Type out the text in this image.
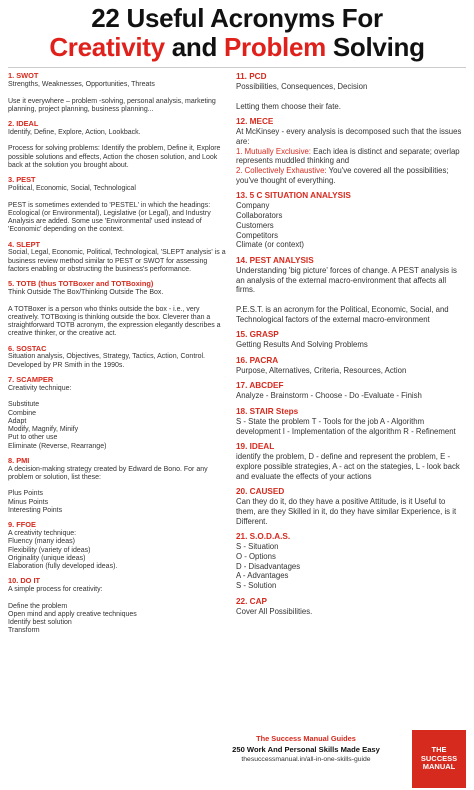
22 Useful Acronyms For
Creativity and Problem Solving
1. SWOT
Strengths, Weaknesses, Opportunities, Threats

Use it everywhere – problem -solving, personal analysis, marketing planning, project planning, business planning...
2. IDEAL
Identify, Define, Explore, Action, Lookback.

Process for solving problems: Identify the problem, Define it, Explore possible solutions and effects, Action the chosen solution, and Look back at the solution you brought about.
3. PEST
Political, Economic, Social, Technological

PEST is sometimes extended to 'PESTEL' in which the headings: Ecological (or Environmental), Legislative (or Legal), and Industry Analysis are added. Some use 'Environmental' used instead of 'Economic' depending on the context.
4. SLEPT
Social, Legal, Economic, Political, Technological, 'SLEPT analysis' is a business review method similar to PEST or SWOT for assessing factors enabling or obstructing the business's performance.
5. TOTB (thus TOTBoxer and TOTBoxing)
Think Outside The Box/Thinking Outside The Box.

A TOTBoxer is a person who thinks outside the box - i.e., very creatively. TOTBoxing is thinking outside the box. Cleverer than a straightforward TOTB acronym, the expression elegantly describes a creative thinker, or the creative act.
6. SOSTAC
Situation analysis, Objectives, Strategy, Tactics, Action, Control. Developed by PR Smith in the 1990s.
7. SCAMPER
Creativity technique:

Substitute
Combine
Adapt
Modify, Magnify, Minify
Put to other use
Eliminate (Reverse, Rearrange)
8. PMI
A decision-making strategy created by Edward de Bono. For any problem or solution, list these:

Plus Points
Minus Points
Interesting Points
9. FFOE
A creativity technique:
Fluency (many ideas)
Flexibility (variety of ideas)
Originality (unique ideas)
Elaboration (fully developed ideas).
10. DO IT
A simple process for creativity:

Define the problem
Open mind and apply creative techniques
Identify best solution
Transform
11. PCD
Possibilities, Consequences, Decision

Letting them choose their fate.
12. MECE
At McKinsey - every analysis is decomposed such that the issues are:
1. Mutually Exclusive: Each idea is distinct and separate; overlap represents muddled thinking and
2. Collectively Exhaustive: You've covered all the possibilities; you've thought of everything.
13. 5 C SITUATION ANALYSIS
Company
Collaborators
Customers
Competitors
Climate (or context)
14. PEST ANALYSIS
Understanding 'big picture' forces of change. A PEST analysis is an analysis of the external macro-environment that affects all firms.

P.E.S.T. is an acronym for the Political, Economic, Social, and Technological factors of the external macro-environment
15. GRASP
Getting Results And Solving Problems
16. PACRA
Purpose, Alternatives, Criteria, Resources, Action
17. ABCDEF
Analyze - Brainstorm - Choose - Do -Evaluate - Finish
18. STAIR Steps
S - State the problem T - Tools for the job A - Algorithm development I - Implementation of the algorithm R - Refinement
19. IDEAL
identify the problem, D - define and represent the problem, E - explore possible strategies, A - act on the stategies, L - look back and evaluate the effects of your actions
20. CAUSED
Can they do it, do they have a positive Attitude, is it Useful to them, are they Skilled in it, do they have similar Experience, is it Different.
21. S.O.D.A.S.
S - Situation
O - Options
D - Disadvantages
A - Advantages
S - Solution
22. CAP
Cover All Possibilities.
The Success Manual Guides
250 Work And Personal Skills Made Easy
thesuccessmanual.in/all-in-one-skills-guide
THE
SUCCESS
MANUAL
